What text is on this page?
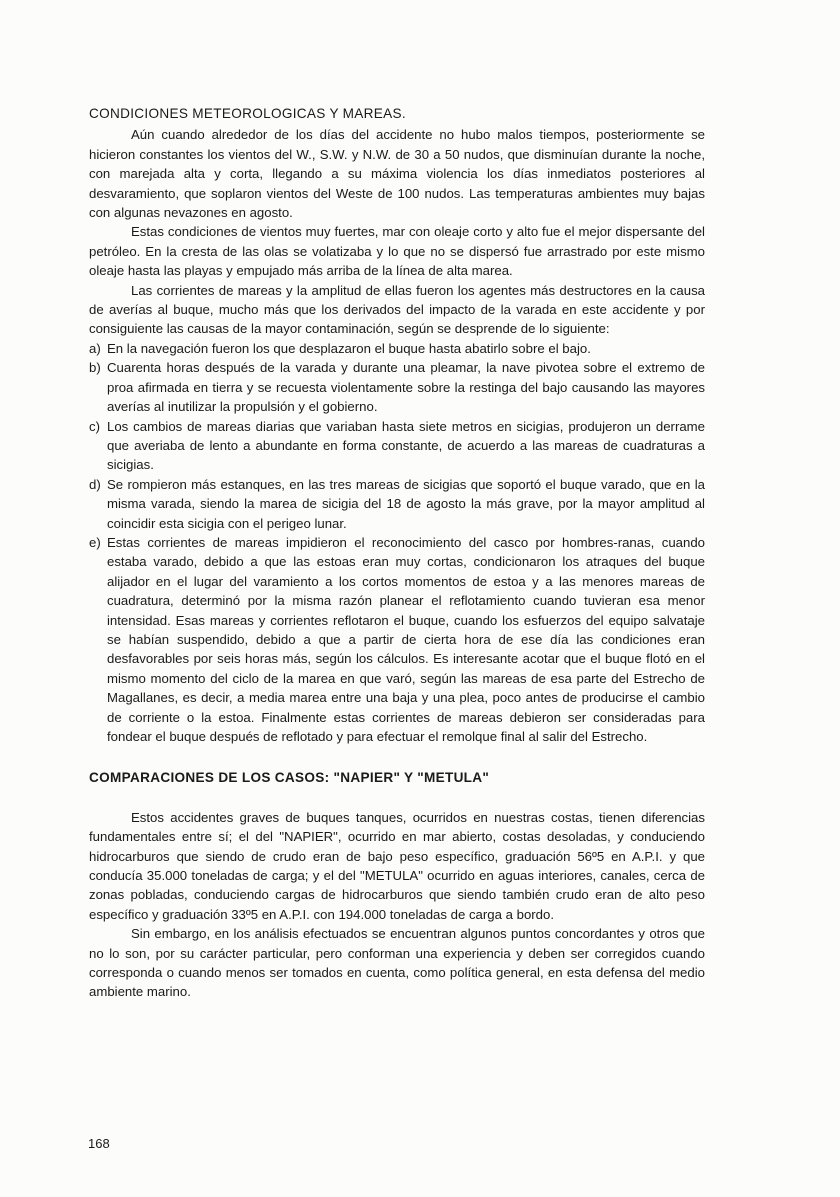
CONDICIONES METEOROLOGICAS Y MAREAS.

Aún cuando alrededor de los días del accidente no hubo malos tiempos, posteriormente se hicieron constantes los vientos del W., S.W. y N.W. de 30 a 50 nudos, que disminuían durante la noche, con marejada alta y corta, llegando a su máxima violencia los días inmediatos posteriores al desvaramiento, que soplaron vientos del Weste de 100 nudos. Las temperaturas ambientes muy bajas con algunas nevazones en agosto.

Estas condiciones de vientos muy fuertes, mar con oleaje corto y alto fue el mejor dispersante del petróleo. En la cresta de las olas se volatizaba y lo que no se dispersó fue arrastrado por este mismo oleaje hasta las playas y empujado más arriba de la línea de alta marea.

Las corrientes de mareas y la amplitud de ellas fueron los agentes más destructores en la causa de averías al buque, mucho más que los derivados del impacto de la varada en este accidente y por consiguiente las causas de la mayor contaminación, según se desprende de lo siguiente:

a) En la navegación fueron los que desplazaron el buque hasta abatirlo sobre el bajo.
b) Cuarenta horas después de la varada y durante una pleamar, la nave pivotea sobre el extremo de proa afirmada en tierra y se recuesta violentamente sobre la restinga del bajo causando las mayores averías al inutilizar la propulsión y el gobierno.
c) Los cambios de mareas diarias que variaban hasta siete metros en sicigias, produjeron un derrame que averiaba de lento a abundante en forma constante, de acuerdo a las mareas de cuadraturas a sicigias.
d) Se rompieron más estanques, en las tres mareas de sicigias que soportó el buque varado, que en la misma varada, siendo la marea de sicigia del 18 de agosto la más grave, por la mayor amplitud al coincidir esta sicigia con el perigeo lunar.
e) Estas corrientes de mareas impidieron el reconocimiento del casco por hombres-ranas, cuando estaba varado, debido a que las estoas eran muy cortas, condicionaron los atraques del buque alijador en el lugar del varamiento a los cortos momentos de estoa y a las menores mareas de cuadratura, determinó por la misma razón planear el reflotamiento cuando tuvieran esa menor intensidad. Esas mareas y corrientes reflotaron el buque, cuando los esfuerzos del equipo salvataje se habían suspendido, debido a que a partir de cierta hora de ese día las condiciones eran desfavorables por seis horas más, según los cálculos. Es interesante acotar que el buque flotó en el mismo momento del ciclo de la marea en que varó, según las mareas de esa parte del Estrecho de Magallanes, es decir, a media marea entre una baja y una plea, poco antes de producirse el cambio de corriente o la estoa. Finalmente estas corrientes de mareas debieron ser consideradas para fondear el buque después de reflotado y para efectuar el remolque final al salir del Estrecho.
COMPARACIONES DE LOS CASOS: "NAPIER" Y "METULA"

Estos accidentes graves de buques tanques, ocurridos en nuestras costas, tienen diferencias fundamentales entre sí; el del "NAPIER", ocurrido en mar abierto, costas desoladas, y conduciendo hidrocarburos que siendo de crudo eran de bajo peso específico, graduación 56º5 en A.P.I. y que conducía 35.000 toneladas de carga; y el del "METULA" ocurrido en aguas interiores, canales, cerca de zonas pobladas, conduciendo cargas de hidrocarburos que siendo también crudo eran de alto peso específico y graduación 33º5 en A.P.I. con 194.000 toneladas de carga a bordo.

Sin embargo, en los análisis efectuados se encuentran algunos puntos concordantes y otros que no lo son, por su carácter particular, pero conforman una experiencia y deben ser corregidos cuando corresponda o cuando menos ser tomados en cuenta, como política general, en esta defensa del medio ambiente marino.

168
